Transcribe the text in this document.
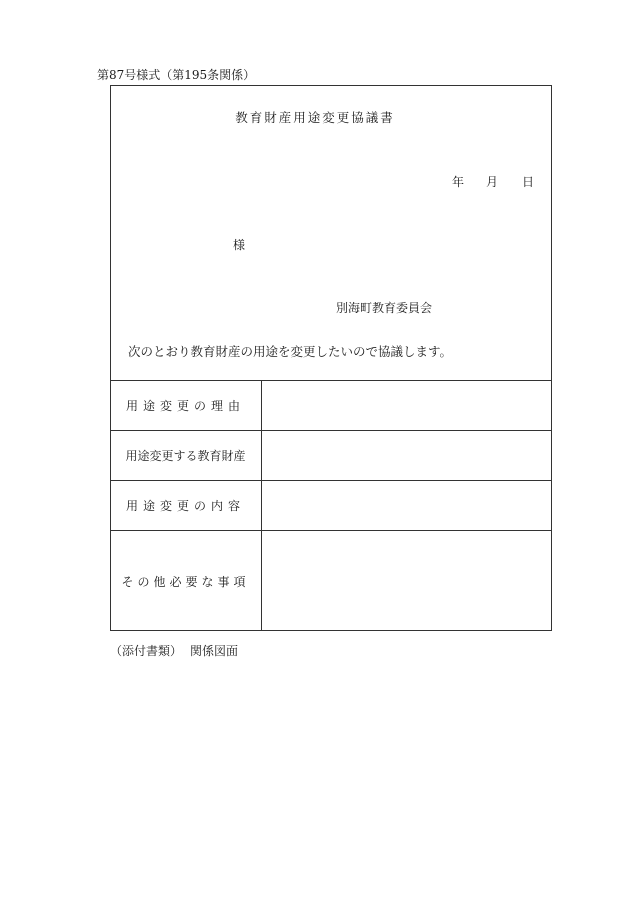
第87号様式（第195条関係）
教育財産用途変更協議書
年 月 日
様
別海町教育委員会
次のとおり教育財産の用途を変更したいので協議します。
用途変更の理由	
用途変更する教育財産	
用途変更の内容	
その他必要な事項	
（添付書類） 関係図面
